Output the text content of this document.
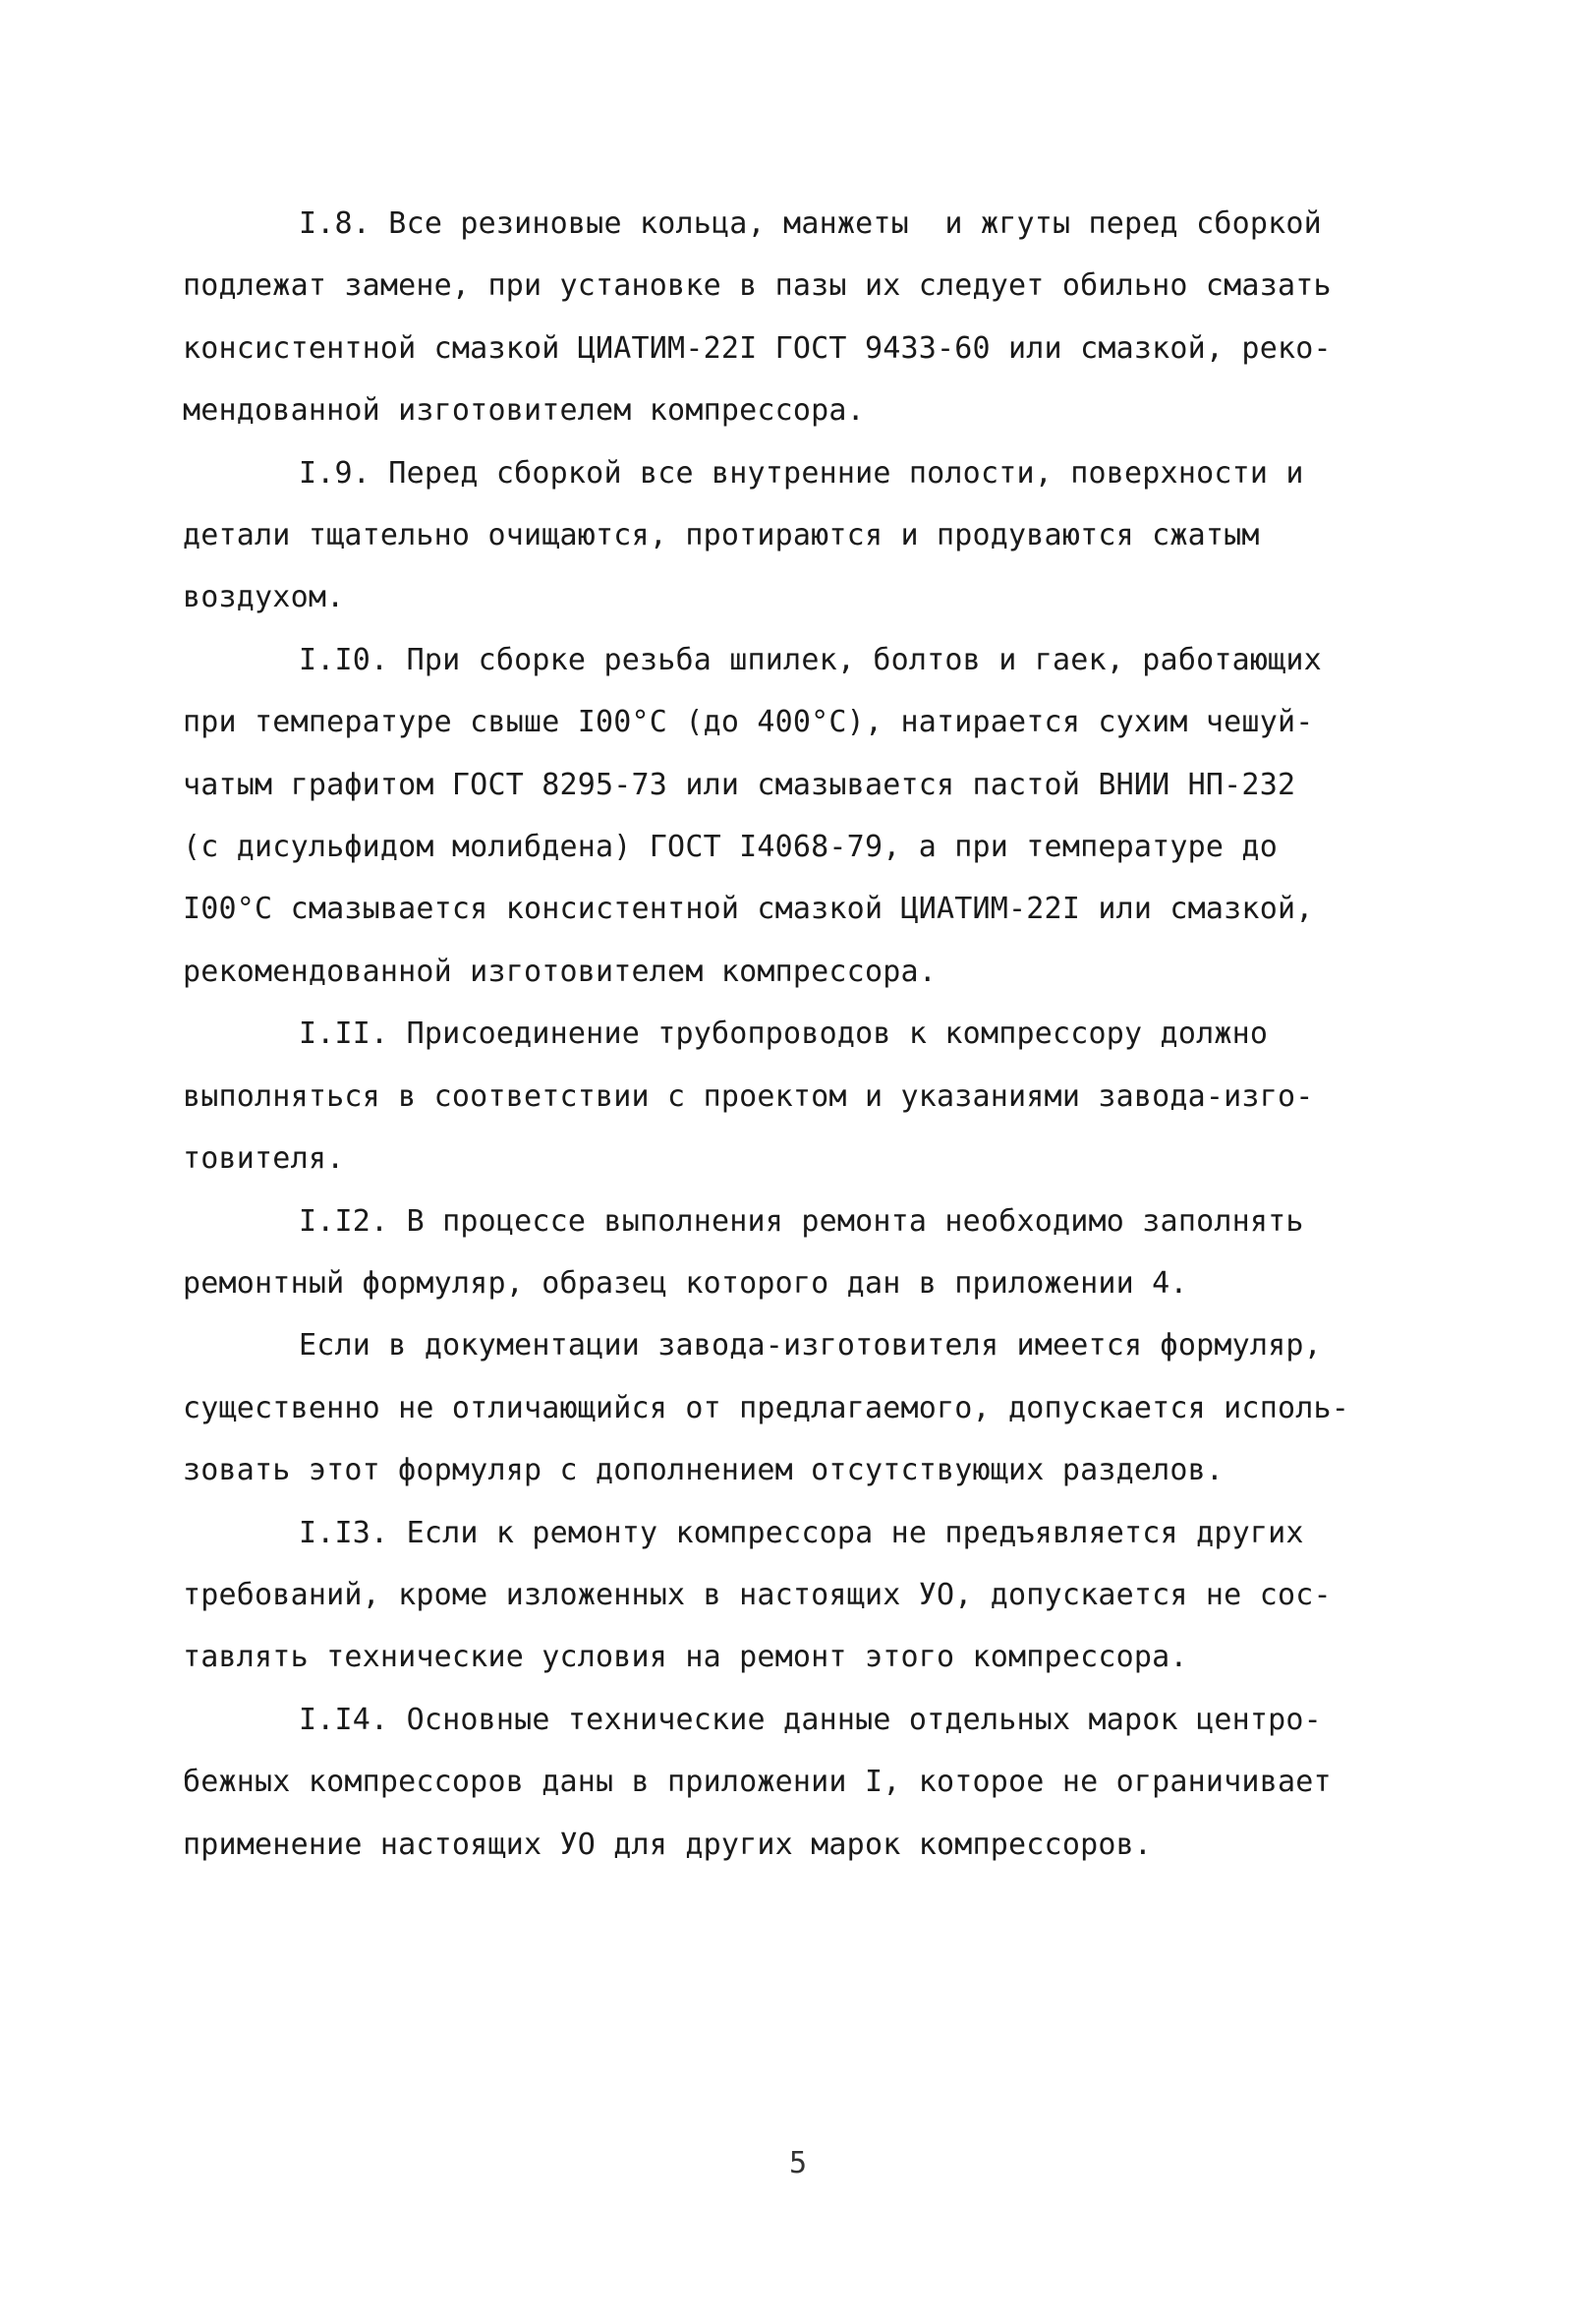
I.8. Все резиновые кольца, манжеты  и жгуты перед сборкой
подлежат замене, при установке в пазы их следует обильно смазать
консистентной смазкой ЦИАТИМ-22I ГОСТ 9433-60 или смазкой, реко-
мендованной изготовителем компрессора.
I.9. Перед сборкой все внутренние полости, поверхности и
детали тщательно очищаются, протираются и продуваются сжатым
воздухом.
I.I0. При сборке резьба шпилек, болтов и гаек, работающих
при температуре свыше I00°С (до 400°С), натирается сухим чешуй-
чатым графитом ГОСТ 8295-73 или смазывается пастой ВНИИ НП-232
(с дисульфидом молибдена) ГОСТ I4068-79, а при температуре до
I00°С смазывается консистентной смазкой ЦИАТИМ-22I или смазкой,
рекомендованной изготовителем компрессора.
I.II. Присоединение трубопроводов к компрессору должно
выполняться в соответствии с проектом и указаниями завода-изго-
товителя.
I.I2. В процессе выполнения ремонта необходимо заполнять
ремонтный формуляр, образец которого дан в приложении 4.
Если в документации завода-изготовителя имеется формуляр,
существенно не отличающийся от предлагаемого, допускается исполь-
зовать этот формуляр с дополнением отсутствующих разделов.
I.I3. Если к ремонту компрессора не предъявляется других
требований, кроме изложенных в настоящих УО, допускается не сос-
тавлять технические условия на ремонт этого компрессора.
I.I4. Основные технические данные отдельных марок центро-
бежных компрессоров даны в приложении I, которое не ограничивает
применение настоящих УО для других марок компрессоров.
5
